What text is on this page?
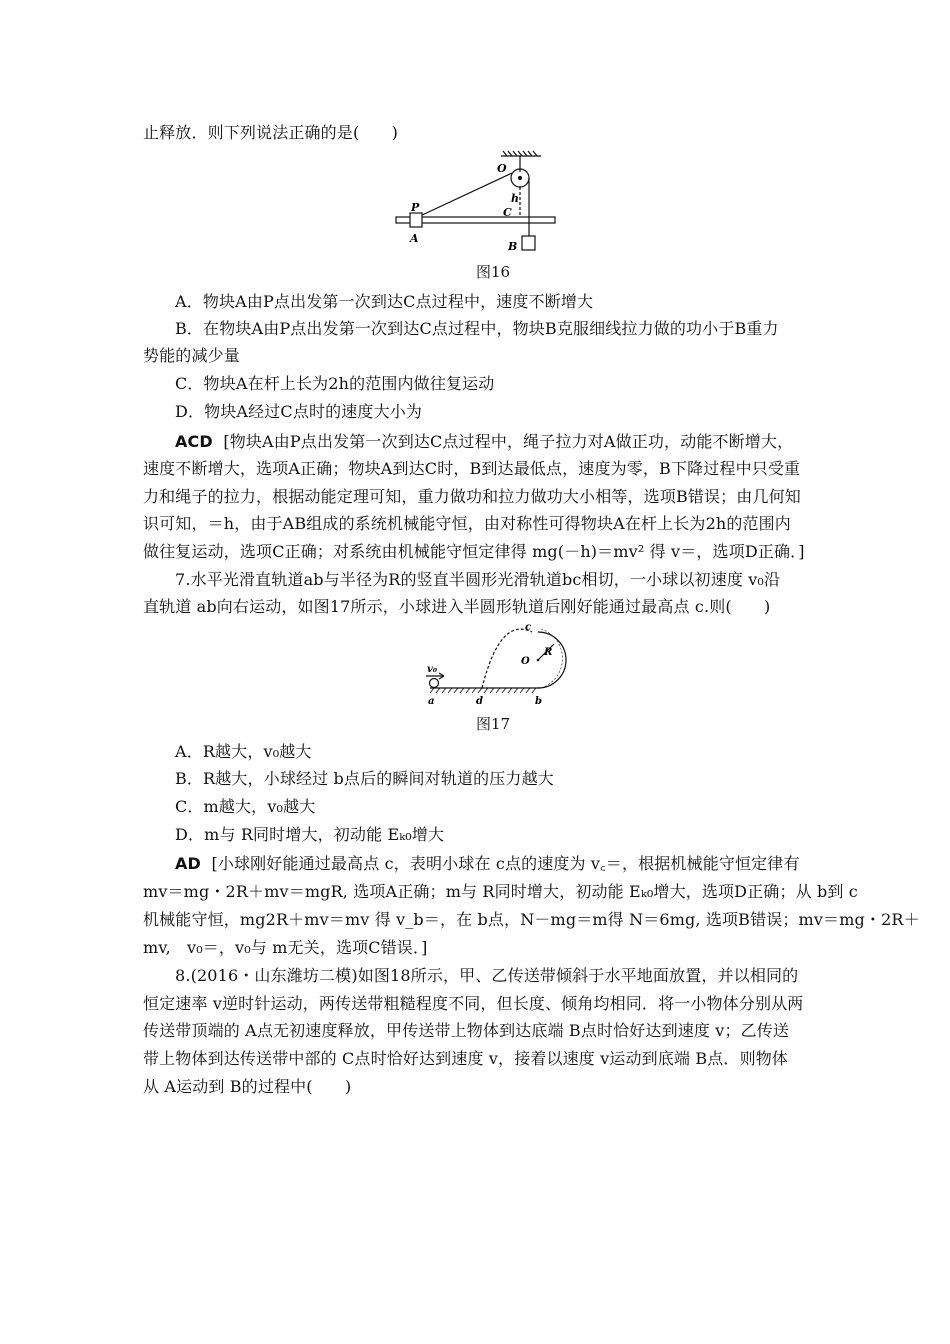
止释放．则下列说法正确的是(　　)
O
P
h
C
A
B
图16
A．物块A由P点出发第一次到达C点过程中，速度不断增大
B．在物块A由P点出发第一次到达C点过程中，物块B克服细线拉力做的功小于B重力
势能的减少量
C．物块A在杆上长为2h的范围内做往复运动
D．物块A经过C点时的速度大小为
ACD [物块A由P点出发第一次到达C点过程中，绳子拉力对A做正功，动能不断增大，
速度不断增大，选项A正确；物块A到达C时，B到达最低点，速度为零，B下降过程中只受重
力和绳子的拉力，根据动能定理可知，重力做功和拉力做功大小相等，选项B错误；由几何知
识可知，＝h，由于AB组成的系统机械能守恒，由对称性可得物块A在杆上长为2h的范围内
做往复运动，选项C正确；对系统由机械能守恒定律得 mg(－h)＝mv² 得 v＝，选项D正确．]
7.水平光滑直轨道ab与半径为R的竖直半圆形光滑轨道bc相切，一小球以初速度 v₀沿
直轨道 ab向右运动，如图17所示，小球进入半圆形轨道后刚好能通过最高点 c.则(　　)
v₀
a	d	b
c
O
R
图17
A．R越大，v₀越大
B．R越大，小球经过 b点后的瞬间对轨道的压力越大
C．m越大，v₀越大
D．m与 R同时增大，初动能 Eₖ₀增大
AD [小球刚好能通过最高点 c，表明小球在 c点的速度为 v꜀＝，根据机械能守恒定律有
mv＝mg・2R＋mv＝mgR, 选项A正确；m与 R同时增大，初动能 Eₖ₀增大，选项D正确；从 b到 c
机械能守恒，mg2R＋mv＝mv 得 v_b＝，在 b点，N－mg＝m得 N＝6mg, 选项B错误；mv＝mg・2R＋
mv,　v₀＝，v₀与 m无关，选项C错误．]
8.(2016・山东潍坊二模)如图18所示，甲、乙传送带倾斜于水平地面放置，并以相同的
恒定速率 v逆时针运动，两传送带粗糙程度不同，但长度、倾角均相同．将一小物体分别从两
传送带顶端的 A点无初速度释放，甲传送带上物体到达底端 B点时恰好达到速度 v；乙传送
带上物体到达传送带中部的 C点时恰好达到速度 v，接着以速度 v运动到底端 B点．则物体
从 A运动到 B的过程中(　　)
